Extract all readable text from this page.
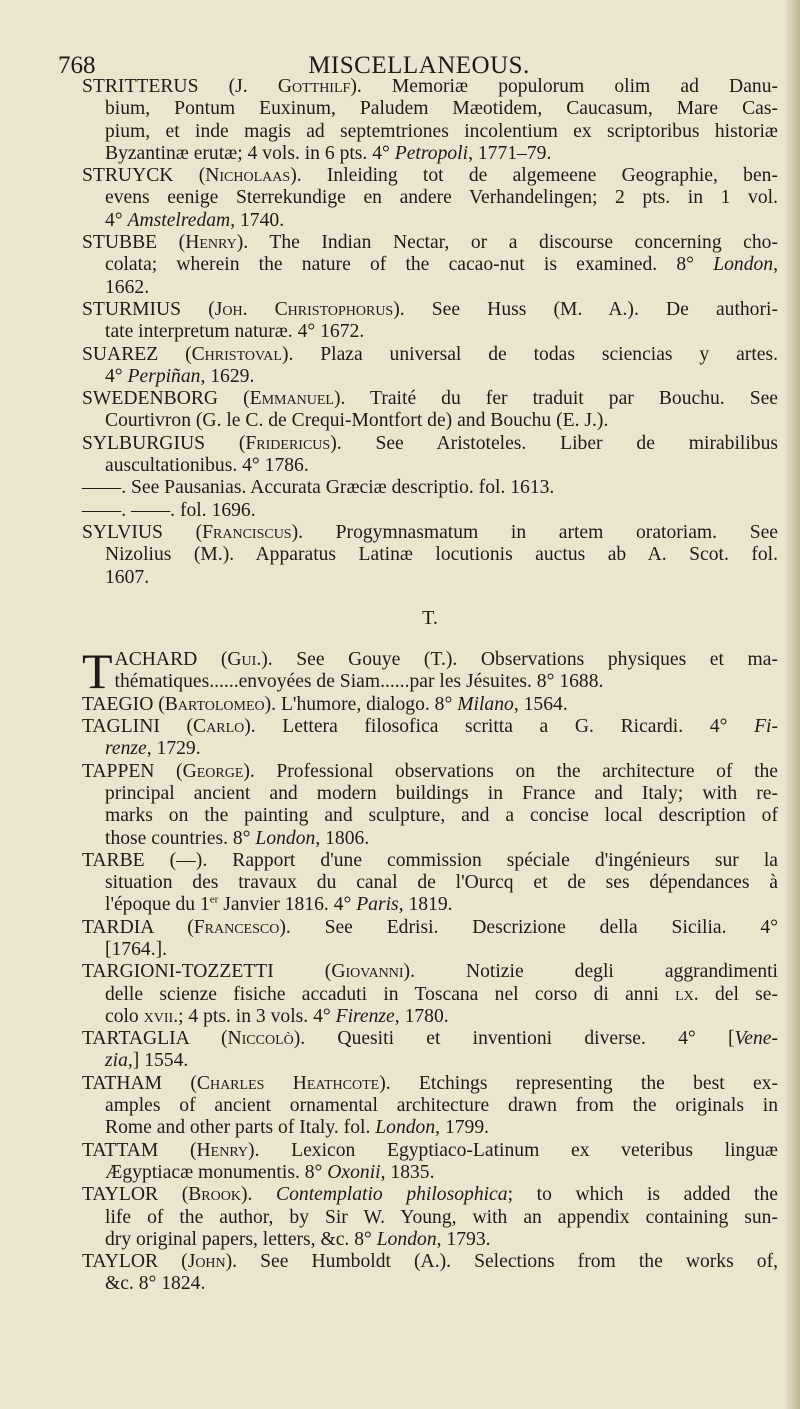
768	MISCELLANEOUS.
STRITTERUS (J. Gotthilf). Memoriæ populorum olim ad Danu-
bium, Pontum Euxinum, Paludem Mæotidem, Caucasum, Mare Cas-
pium, et inde magis ad septemtriones incolentium ex scriptoribus historiæ
Byzantinæ erutæ; 4 vols. in 6 pts. 4° Petropoli, 1771–79.
STRUYCK (Nicholaas). Inleiding tot de algemeene Geographie, ben-
evens eenige Sterrekundige en andere Verhandelingen; 2 pts. in 1 vol.
4° Amstelredam, 1740.
STUBBE (Henry). The Indian Nectar, or a discourse concerning cho-
colata; wherein the nature of the cacao-nut is examined. 8° London,
1662.
STURMIUS (Joh. Christophorus). See Huss (M. A.). De authori-
tate interpretum naturæ. 4° 1672.
SUAREZ (Christoval). Plaza universal de todas sciencias y artes.
4° Perpiñan, 1629.
SWEDENBORG (Emmanuel). Traité du fer traduit par Bouchu. See
Courtivron (G. le C. de Crequi-Montfort de) and Bouchu (E. J.).
SYLBURGIUS (Fridericus). See Aristoteles. Liber de mirabilibus
auscultationibus. 4° 1786.
——. See Pausanias. Accurata Græciæ descriptio. fol. 1613.
——. ——. fol. 1696.
SYLVIUS (Franciscus). Progymnasmatum in artem oratoriam. See
Nizolius (M.). Apparatus Latinæ locutionis auctus ab A. Scot. fol.
1607.
T.
T ACHARD (Gui.). See Gouye (T.). Observations physiques et ma-
thématiques......envoyées de Siam......par les Jésuites. 8° 1688.
TAEGIO (Bartolomeo). L'humore, dialogo. 8° Milano, 1564.
TAGLINI (Carlo). Lettera filosofica scritta a G. Ricardi. 4° Fi-
renze, 1729.
TAPPEN (George). Professional observations on the architecture of the
principal ancient and modern buildings in France and Italy; with re-
marks on the painting and sculpture, and a concise local description of
those countries. 8° London, 1806.
TARBE (—). Rapport d'une commission spéciale d'ingénieurs sur la
situation des travaux du canal de l'Ourcq et de ses dépendances à
l'époque du 1er Janvier 1816. 4° Paris, 1819.
TARDIA (Francesco). See Edrisi. Descrizione della Sicilia. 4°
[1764.].
TARGIONI-TOZZETTI (Giovanni). Notizie degli aggrandimenti
delle scienze fisiche accaduti in Toscana nel corso di anni lx. del se-
colo xvii.; 4 pts. in 3 vols. 4° Firenze, 1780.
TARTAGLIA (Niccolò). Quesiti et inventioni diverse. 4° [Vene-
zia,] 1554.
TATHAM (Charles Heathcote). Etchings representing the best ex-
amples of ancient ornamental architecture drawn from the originals in
Rome and other parts of Italy. fol. London, 1799.
TATTAM (Henry). Lexicon Egyptiaco-Latinum ex veteribus linguæ
Ægyptiacæ monumentis. 8° Oxonii, 1835.
TAYLOR (Brook). Contemplatio philosophica; to which is added the
life of the author, by Sir W. Young, with an appendix containing sun-
dry original papers, letters, &c. 8° London, 1793.
TAYLOR (John). See Humboldt (A.). Selections from the works of,
&c. 8° 1824.
